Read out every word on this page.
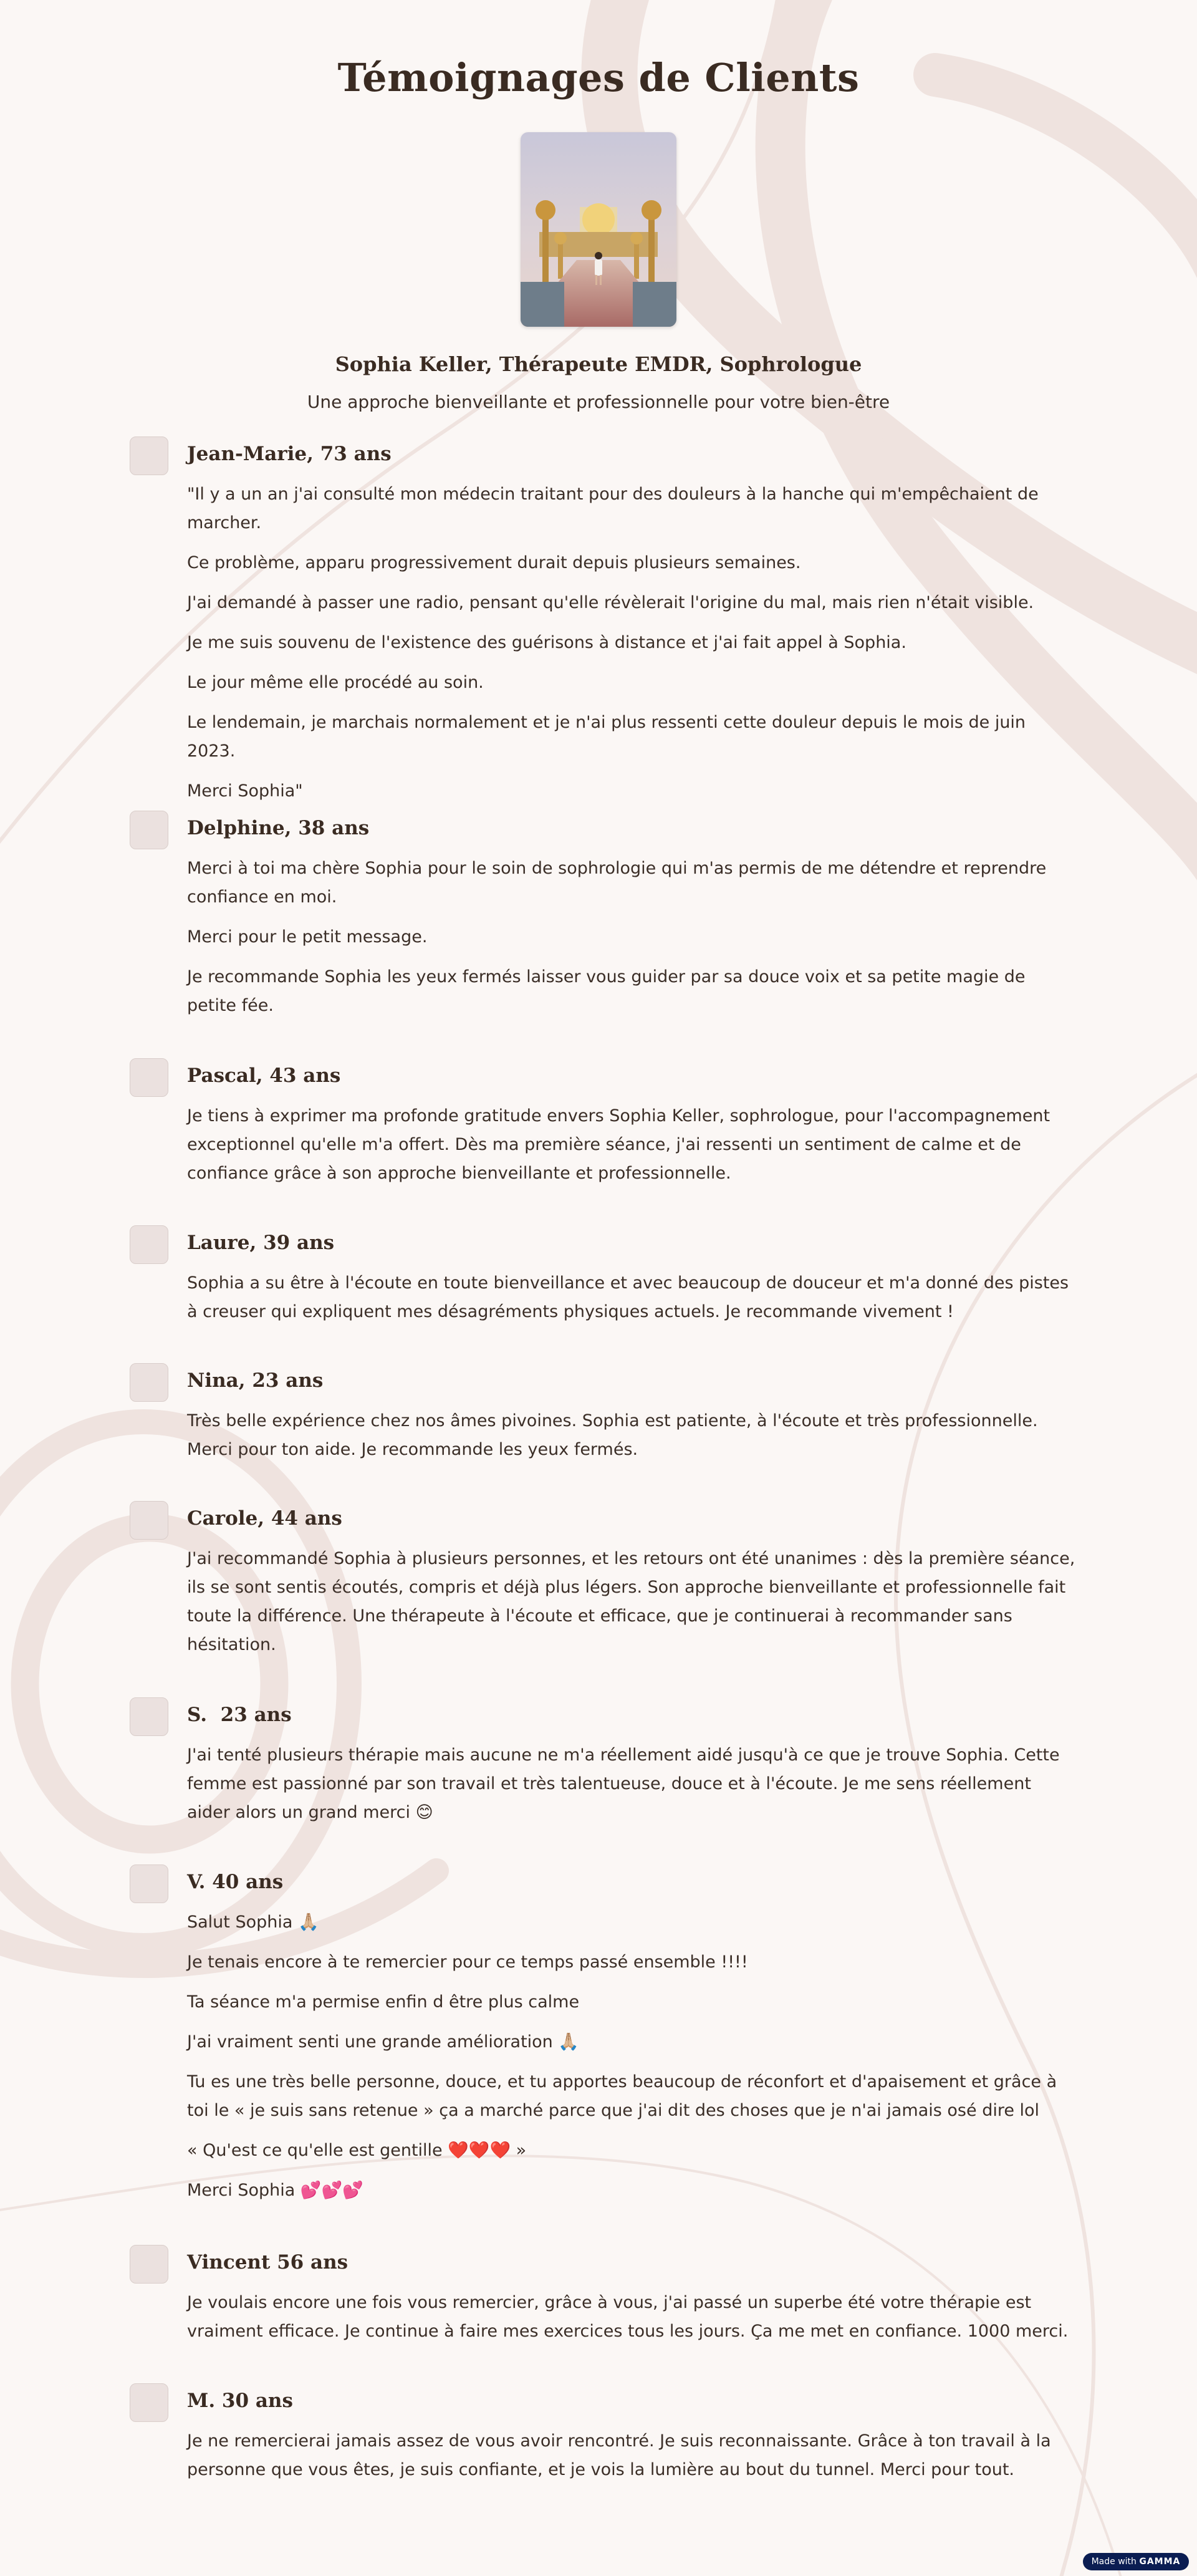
Témoignages de Clients
Sophia Keller, Thérapeute EMDR, Sophrologue
Une approche bienveillante et professionnelle pour votre bien-être
Jean-Marie, 73 ans

"Il y a un an j'ai consulté mon médecin traitant pour des douleurs à la hanche qui m'empêchaient de marcher.

Ce problème, apparu progressivement durait depuis plusieurs semaines.

J'ai demandé à passer une radio, pensant qu'elle révèlerait l'origine du mal, mais rien n'était visible.

Je me suis souvenu de l'existence des guérisons à distance et j'ai fait appel à Sophia.

Le jour même elle procédé au soin.

Le lendemain, je marchais normalement et je n'ai plus ressenti cette douleur depuis le mois de juin 2023.

Merci Sophia"

Delphine, 38 ans

Merci à toi ma chère Sophia pour le soin de sophrologie qui m'as permis de me détendre et reprendre confiance en moi.

Merci pour le petit message.

Je recommande Sophia les yeux fermés laisser vous guider par sa douce voix et sa petite magie de petite fée.

Pascal, 43 ans

Je tiens à exprimer ma profonde gratitude envers Sophia Keller, sophrologue, pour l'accompagnement exceptionnel qu'elle m'a offert. Dès ma première séance, j'ai ressenti un sentiment de calme et de confiance grâce à son approche bienveillante et professionnelle.

Laure, 39 ans

Sophia a su être à l'écoute en toute bienveillance et avec beaucoup de douceur et m'a donné des pistes à creuser qui expliquent mes désagréments physiques actuels. Je recommande vivement !

Nina, 23 ans

Très belle expérience chez nos âmes pivoines. Sophia est patiente, à l'écoute et très professionnelle. Merci pour ton aide. Je recommande les yeux fermés.

Carole, 44 ans

J'ai recommandé Sophia à plusieurs personnes, et les retours ont été unanimes : dès la première séance, ils se sont sentis écoutés, compris et déjà plus légers. Son approche bienveillante et professionnelle fait toute la différence. Une thérapeute à l'écoute et efficace, que je continuerai à recommander sans hésitation.

S.  23 ans

J'ai tenté plusieurs thérapie mais aucune ne m'a réellement aidé jusqu'à ce que je trouve Sophia. Cette femme est passionné par son travail et très talentueuse, douce et à l'écoute. Je me sens réellement aider alors un grand merci 😊

V. 40 ans

Salut Sophia 🙏🏼

Je tenais encore à te remercier pour ce temps passé ensemble !!!!

Ta séance m'a permise enfin d être plus calme

J'ai vraiment senti une grande amélioration 🙏🏼

Tu es une très belle personne, douce, et tu apportes beaucoup de réconfort et d'apaisement et grâce à toi le « je suis sans retenue » ça a marché parce que j'ai dit des choses que je n'ai jamais osé dire lol

« Qu'est ce qu'elle est gentille ❤️❤️❤️ »

Merci Sophia 💕💕💕

Vincent 56 ans

Je voulais encore une fois vous remercier, grâce à vous, j'ai passé un superbe été votre thérapie est vraiment efficace. Je continue à faire mes exercices tous les jours. Ça me met en confiance. 1000 merci.

M. 30 ans

Je ne remercierai jamais assez de vous avoir rencontré. Je suis reconnaissante. Grâce à ton travail à la personne que vous êtes, je suis confiante, et je vois la lumière au bout du tunnel. Merci pour tout.

Made with GAMMA
